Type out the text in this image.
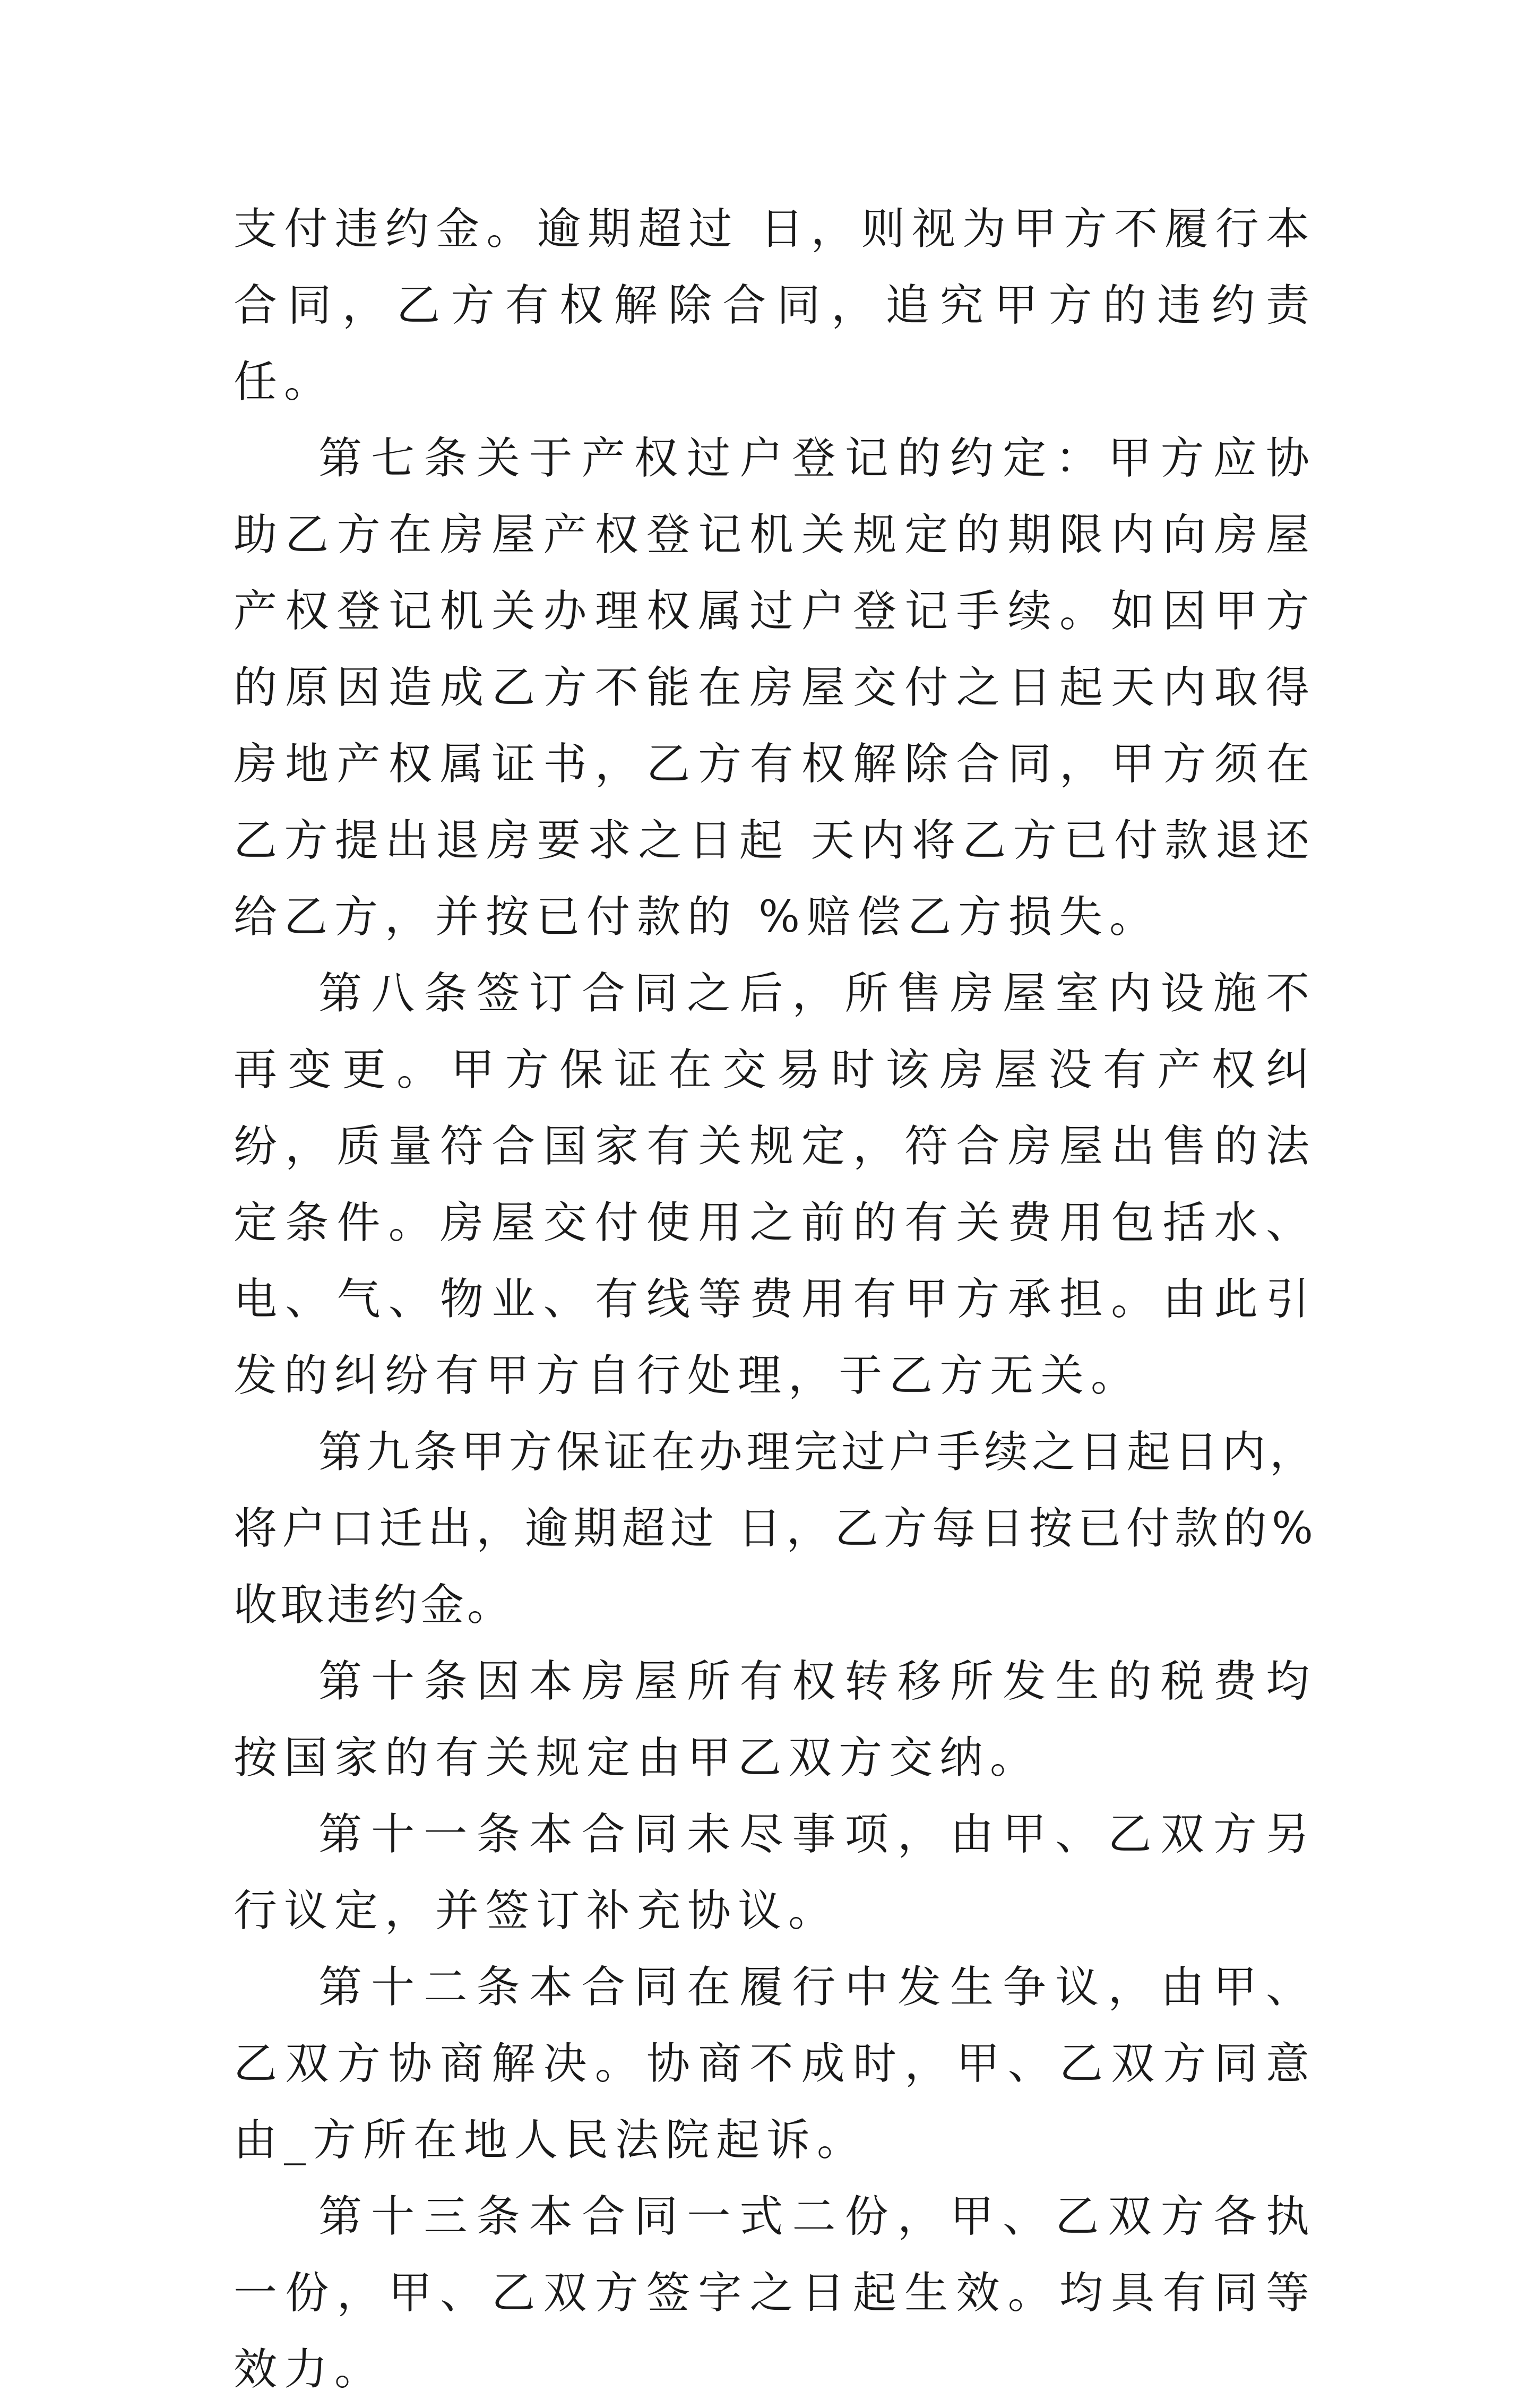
支付违约金。逾期超过 日，则视为甲方不履行本合同，乙方有权解除合同，追究甲方的违约责任。

第七条关于产权过户登记的约定：甲方应协助乙方在房屋产权登记机关规定的期限内向房屋产权登记机关办理权属过户登记手续。如因甲方的原因造成乙方不能在房屋交付之日起天内取得房地产权属证书，乙方有权解除合同，甲方须在乙方提出退房要求之日起 天内将乙方已付款退还给乙方，并按已付款的 %赔偿乙方损失。

第八条签订合同之后，所售房屋室内设施不再变更。甲方保证在交易时该房屋没有产权纠纷，质量符合国家有关规定，符合房屋出售的法定条件。房屋交付使用之前的有关费用包括水、电、气、物业、有线等费用有甲方承担。由此引发的纠纷有甲方自行处理，于乙方无关。

第九条甲方保证在办理完过户手续之日起日内，将户口迁出，逾期超过 日，乙方每日按已付款的%收取违约金。

第十条因本房屋所有权转移所发生的税费均按国家的有关规定由甲乙双方交纳。

第十一条本合同未尽事项，由甲、乙双方另行议定，并签订补充协议。

第十二条本合同在履行中发生争议，由甲、乙双方协商解决。协商不成时，甲、乙双方同意由_方所在地人民法院起诉。

第十三条本合同一式二份，甲、乙双方各执一份，甲、乙双方签字之日起生效。均具有同等效力。
